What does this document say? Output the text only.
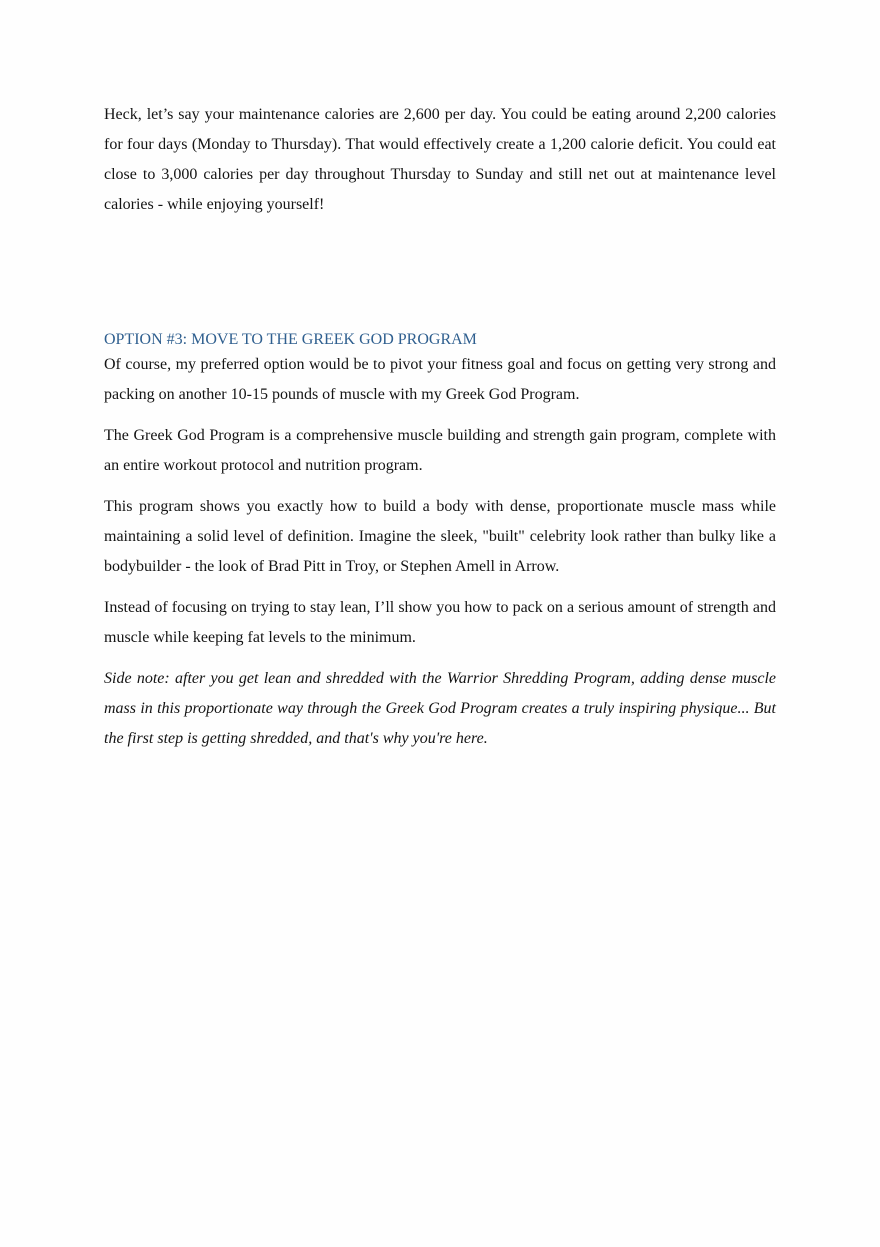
Heck, let’s say your maintenance calories are 2,600 per day. You could be eating around 2,200 calories for four days (Monday to Thursday). That would effectively create a 1,200 calorie deficit. You could eat close to 3,000 calories per day throughout Thursday to Sunday and still net out at maintenance level calories - while enjoying yourself!

OPTION #3: MOVE TO THE GREEK GOD PROGRAM

Of course, my preferred option would be to pivot your fitness goal and focus on getting very strong and packing on another 10-15 pounds of muscle with my Greek God Program.

The Greek God Program is a comprehensive muscle building and strength gain program, complete with an entire workout protocol and nutrition program.

This program shows you exactly how to build a body with dense, proportionate muscle mass while maintaining a solid level of definition. Imagine the sleek, "built" celebrity look rather than bulky like a bodybuilder - the look of Brad Pitt in Troy, or Stephen Amell in Arrow.

Instead of focusing on trying to stay lean, I’ll show you how to pack on a serious amount of strength and muscle while keeping fat levels to the minimum.

Side note: after you get lean and shredded with the Warrior Shredding Program, adding dense muscle mass in this proportionate way through the Greek God Program creates a truly inspiring physique... But the first step is getting shredded, and that's why you're here.
